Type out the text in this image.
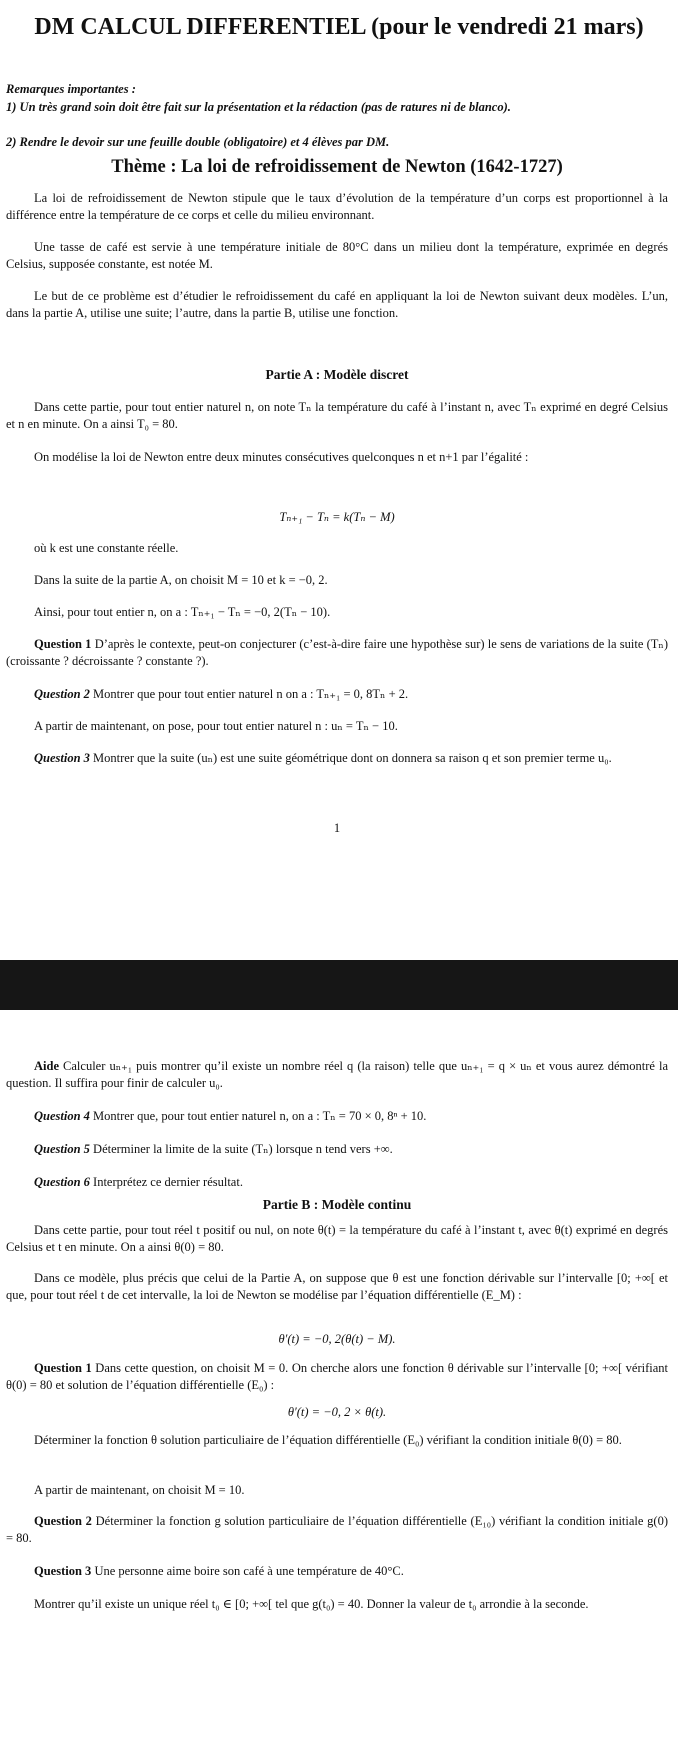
DM CALCUL DIFFERENTIEL (pour le vendredi 21 mars)

Remarques importantes :

1) Un très grand soin doit être fait sur la présentation et la rédaction (pas de ratures ni de blanco).

2) Rendre le devoir sur une feuille double (obligatoire) et 4 élèves par DM.

Thème : La loi de refroidissement de Newton (1642-1727)

La loi de refroidissement de Newton stipule que le taux d’évolution de la température d’un corps est proportionnel à la différence entre la température de ce corps et celle du milieu environnant.

Une tasse de café est servie à une température initiale de 80°C dans un milieu dont la température, exprimée en degrés Celsius, supposée constante, est notée M.

Le but de ce problème est d’étudier le refroidissement du café en appliquant la loi de Newton suivant deux modèles. L’un, dans la partie A, utilise une suite; l’autre, dans la partie B, utilise une fonction.

Partie A : Modèle discret

Dans cette partie, pour tout entier naturel n, on note Tₙ la température du café à l’instant n, avec Tₙ exprimé en degré Celsius et n en minute. On a ainsi T₀ = 80.

On modélise la loi de Newton entre deux minutes consécutives quelconques n et n+1 par l’égalité :

Tₙ₊₁ − Tₙ = k(Tₙ − M)

où k est une constante réelle.

Dans la suite de la partie A, on choisit M = 10 et k = −0, 2.

Ainsi, pour tout entier n, on a : Tₙ₊₁ − Tₙ = −0, 2(Tₙ − 10).

Question 1 D’après le contexte, peut-on conjecturer (c’est-à-dire faire une hypothèse sur) le sens de variations de la suite (Tₙ) (croissante ? décroissante ? constante ?).

Question 2 Montrer que pour tout entier naturel n on a : Tₙ₊₁ = 0, 8Tₙ + 2.

A partir de maintenant, on pose, pour tout entier naturel n : uₙ = Tₙ − 10.

Question 3 Montrer que la suite (uₙ) est une suite géométrique dont on donnera sa raison q et son premier terme u₀.

1

Aide Calculer uₙ₊₁ puis montrer qu’il existe un nombre réel q (la raison) telle que uₙ₊₁ = q × uₙ et vous aurez démontré la question. Il suffira pour finir de calculer u₀.

Question 4 Montrer que, pour tout entier naturel n, on a : Tₙ = 70 × 0, 8ⁿ + 10.

Question 5 Déterminer la limite de la suite (Tₙ) lorsque n tend vers +∞.

Question 6 Interprétez ce dernier résultat.

Partie B : Modèle continu

Dans cette partie, pour tout réel t positif ou nul, on note θ(t) = la température du café à l’instant t, avec θ(t) exprimé en degrés Celsius et t en minute. On a ainsi θ(0) = 80.

Dans ce modèle, plus précis que celui de la Partie A, on suppose que θ est une fonction dérivable sur l’intervalle [0; +∞[ et que, pour tout réel t de cet intervalle, la loi de Newton se modélise par l’équation différentielle (E_M) :

θ′(t) = −0, 2(θ(t) − M).

Question 1 Dans cette question, on choisit M = 0. On cherche alors une fonction θ dérivable sur l’intervalle [0; +∞[ vérifiant θ(0) = 80 et solution de l’équation différentielle (E₀) :

θ′(t) = −0, 2 × θ(t).

Déterminer la fonction θ solution particuliaire de l’équation différentielle (E₀) vérifiant la condition initiale θ(0) = 80.

A partir de maintenant, on choisit M = 10.

Question 2 Déterminer la fonction g solution particuliaire de l’équation différentielle (E₁₀) vérifiant la condition initiale g(0) = 80.

Question 3 Une personne aime boire son café à une température de 40°C.

Montrer qu’il existe un unique réel t₀ ∈ [0; +∞[ tel que g(t₀) = 40. Donner la valeur de t₀ arrondie à la seconde.
